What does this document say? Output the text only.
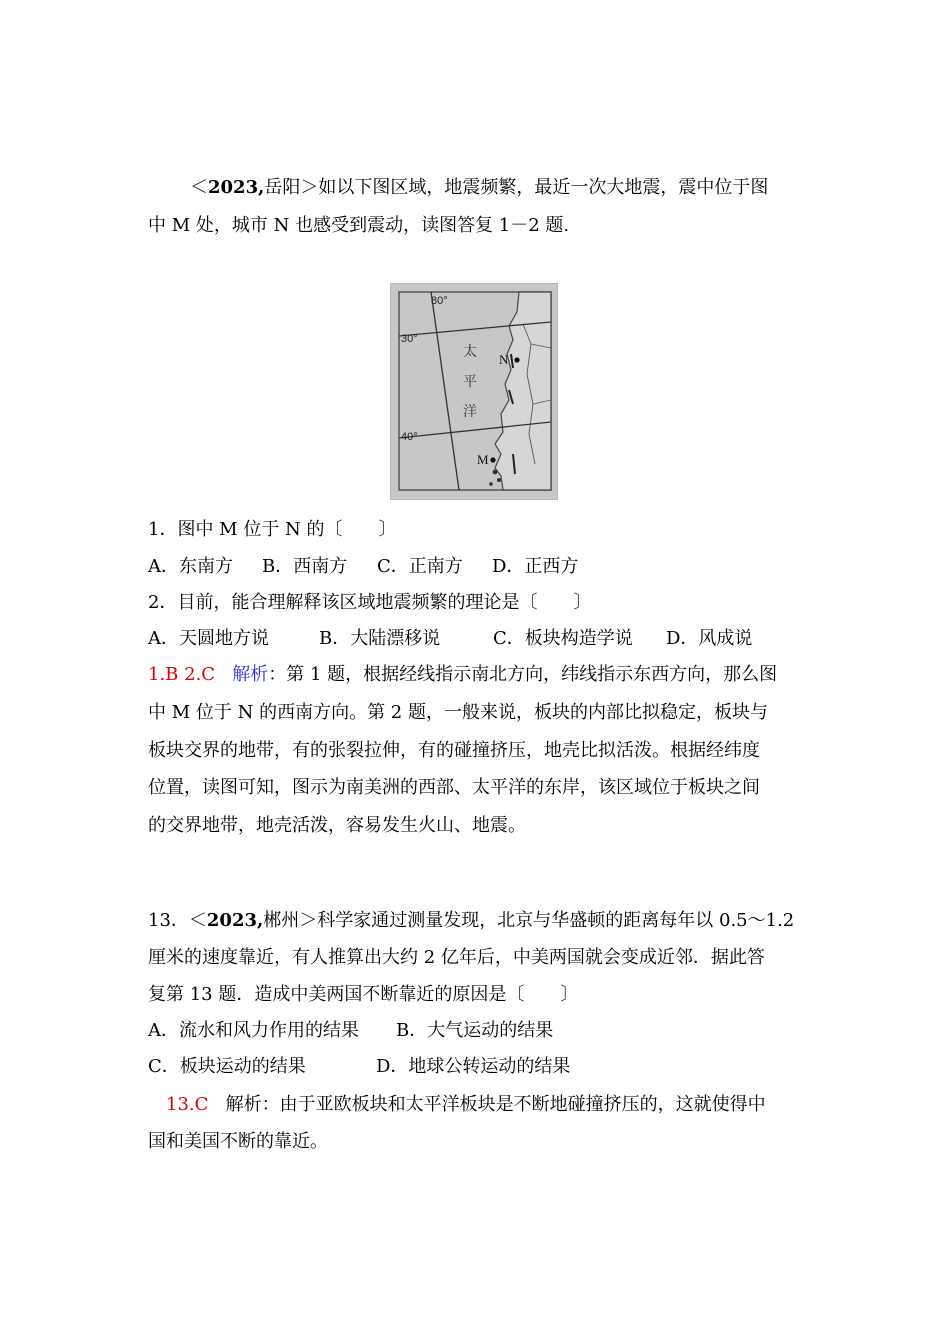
＜2023,岳阳＞如以下图区域，地震频繁，最近一次大地震，震中位于图
中 M 处，城市 N 也感受到震动，读图答复 1－2 题.
80°
30°
40°
太
平
洋
N
M
1．图中 M 位于 N 的〔　　〕
A．东南方 B．西南方 C．正南方 D．正西方
2．目前，能合理解释该区域地震频繁的理论是〔　　〕
A．天圆地方说	B．大陆漂移说	C．板块构造学说 D．风成说
1.B 2.C 解析：第 1 题，根据经线指示南北方向，纬线指示东西方向，那么图
中 M 位于 N 的西南方向。第 2 题，一般来说，板块的内部比拟稳定，板块与
板块交界的地带，有的张裂拉伸，有的碰撞挤压，地壳比拟活泼。根据经纬度
位置，读图可知，图示为南美洲的西部、太平洋的东岸，该区域位于板块之间
的交界地带，地壳活泼，容易发生火山、地震。
13．＜2023,郴州＞科学家通过测量发现，北京与华盛顿的距离每年以 0.5～1.2
厘米的速度靠近，有人推算出大约 2 亿年后，中美两国就会变成近邻．据此答
复第 13 题．造成中美两国不断靠近的原因是〔　　〕
A．流水和风力作用的结果 B．大气运动的结果
C．板块运动的结果	D．地球公转运动的结果
13.C 解析：由于亚欧板块和太平洋板块是不断地碰撞挤压的，这就使得中
国和美国不断的靠近。
